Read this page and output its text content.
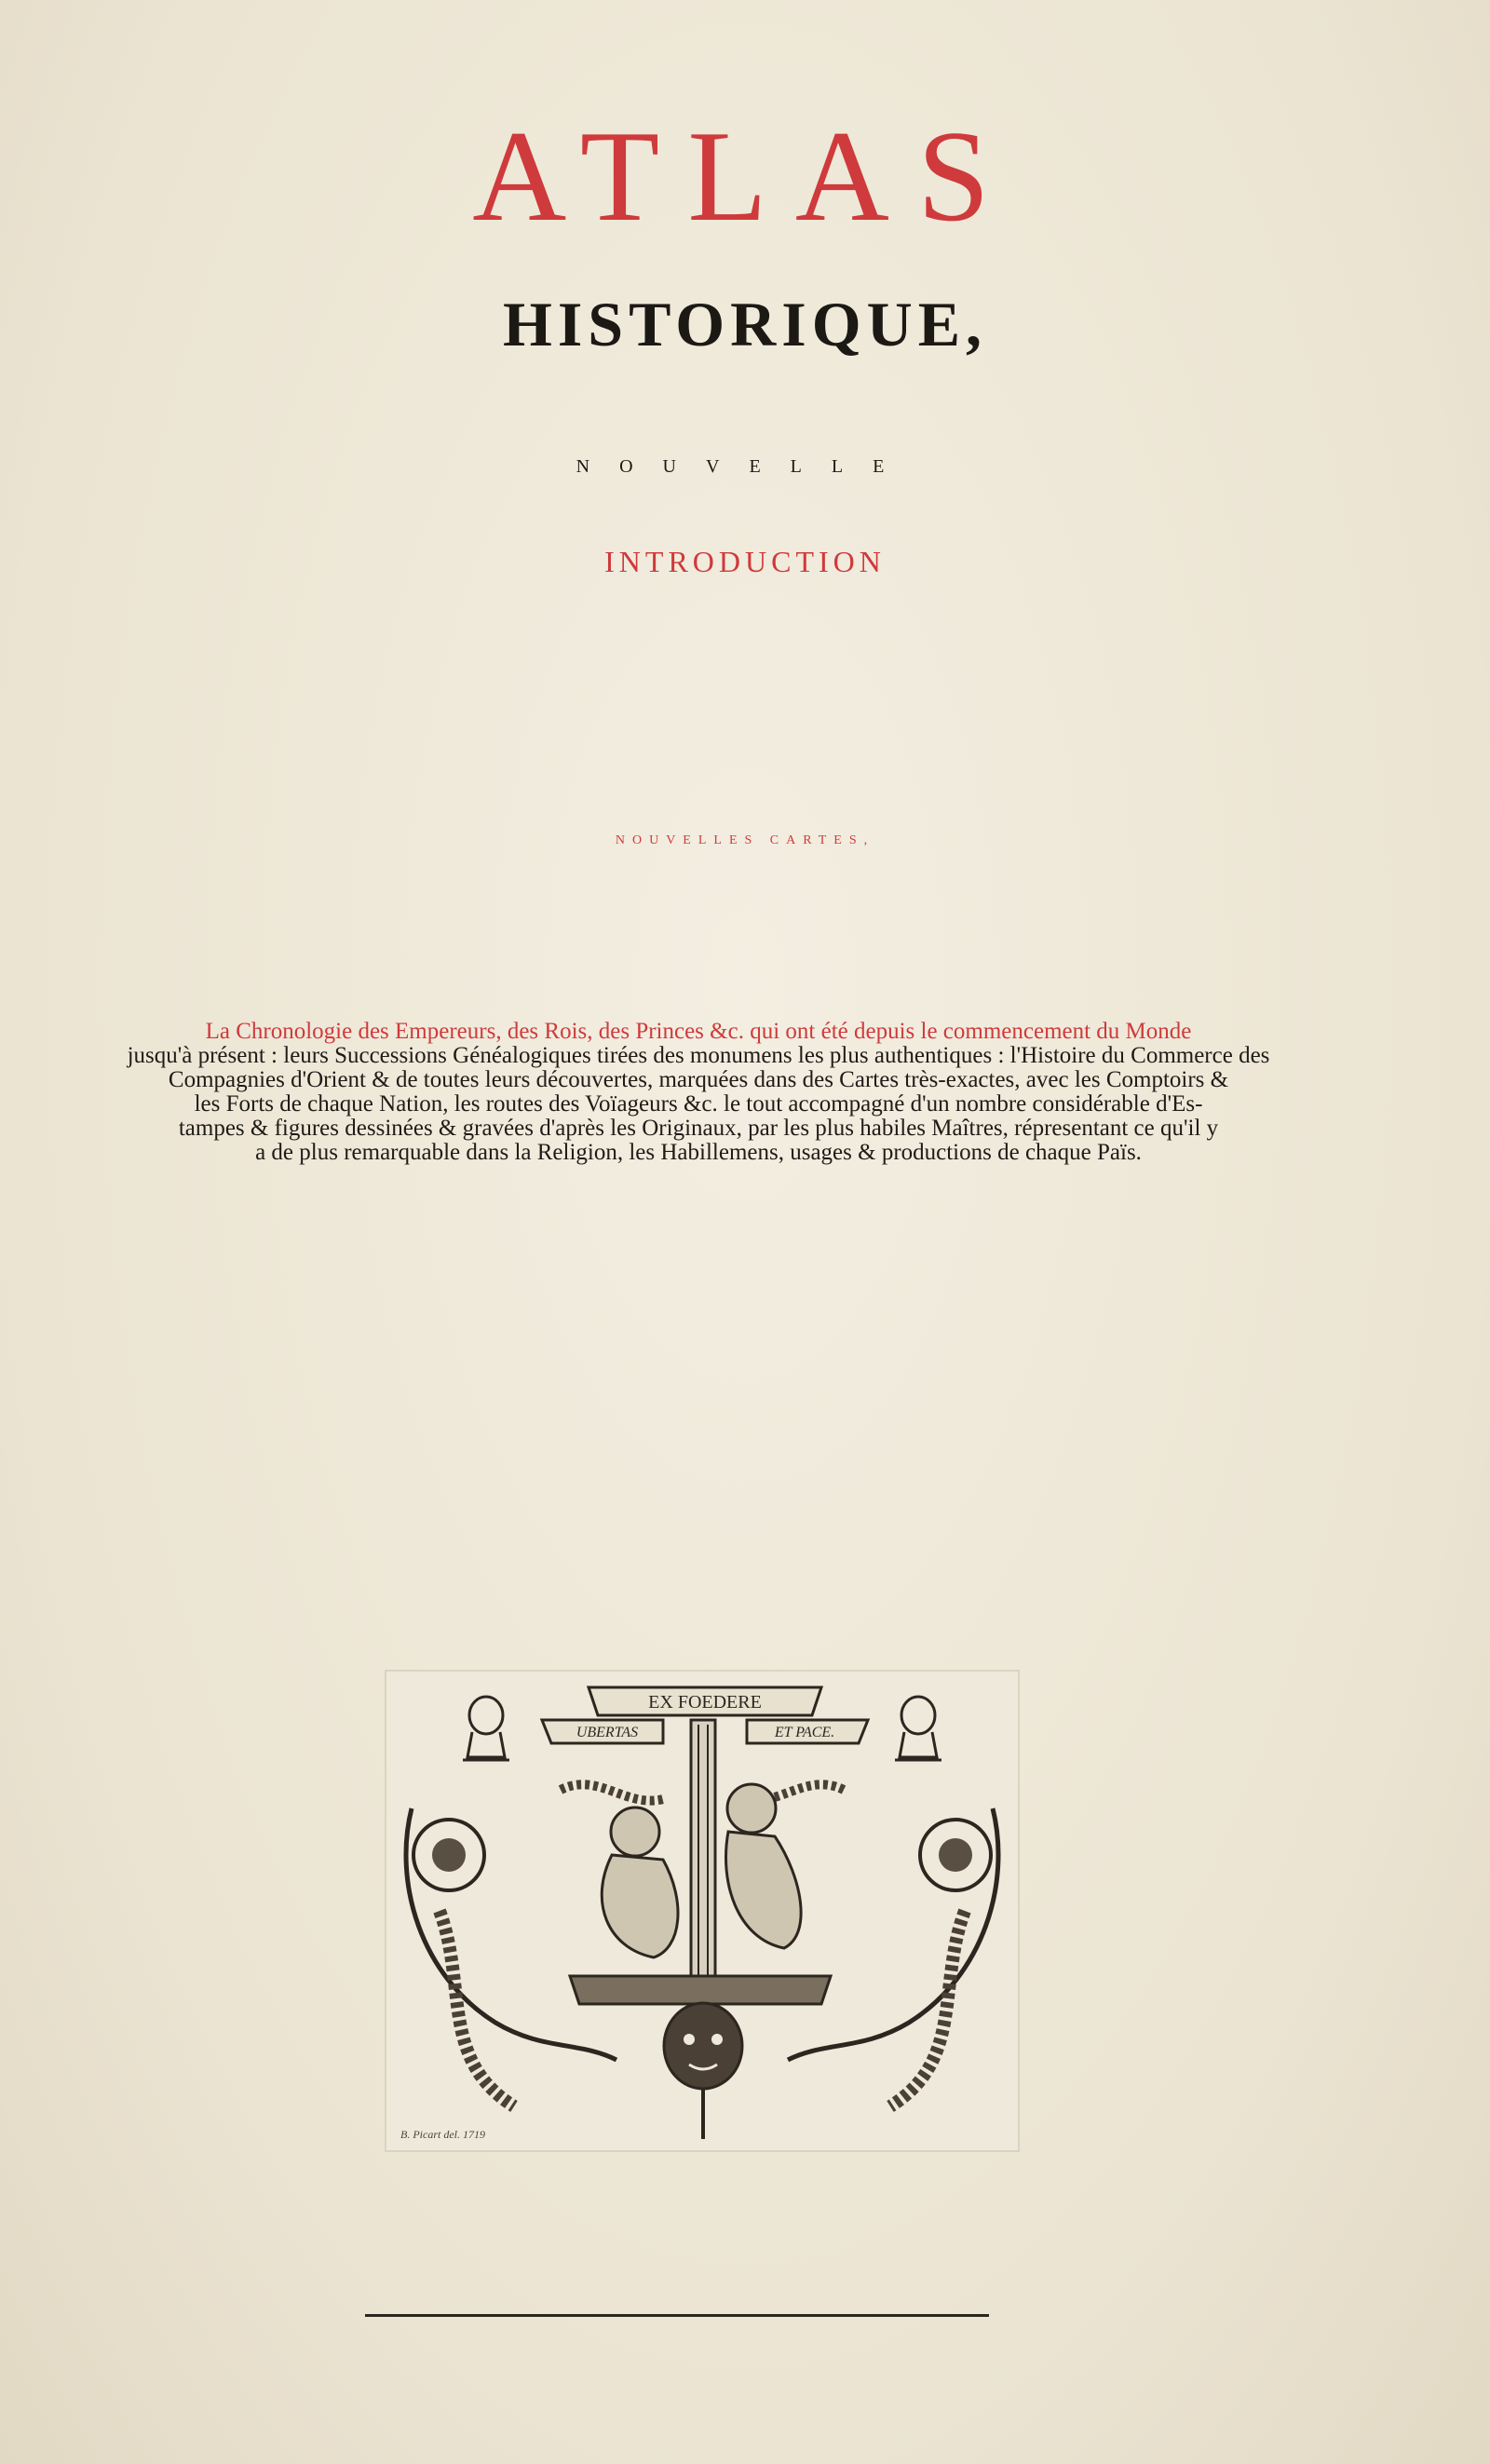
ATLAS
HISTORIQUE,
NOUVELLE
INTRODUCTION
NOUVELLES CARTES,
La Chronologie des Empereurs, des Rois, des Princes &c. qui ont été depuis le commencement du Monde
jusqu'à présent : leurs Successions Généalogiques tirées des monumens les plus authentiques : l'Histoire du Commerce des
Compagnies d'Orient & de toutes leurs découvertes, marquées dans des Cartes très-exactes, avec les Comptoirs &
les Forts de chaque Nation, les routes des Voïageurs &c. le tout accompagné d'un nombre considérable d'Es-
tampes & figures dessinées & gravées d'après les Originaux, par les plus habiles Maîtres, répresentant ce qu'il y
a de plus remarquable dans la Religion, les Habillemens, usages & productions de chaque Païs.
EX FOEDERE
UBERTAS	ET PACE.
B. Picart del. 1719
